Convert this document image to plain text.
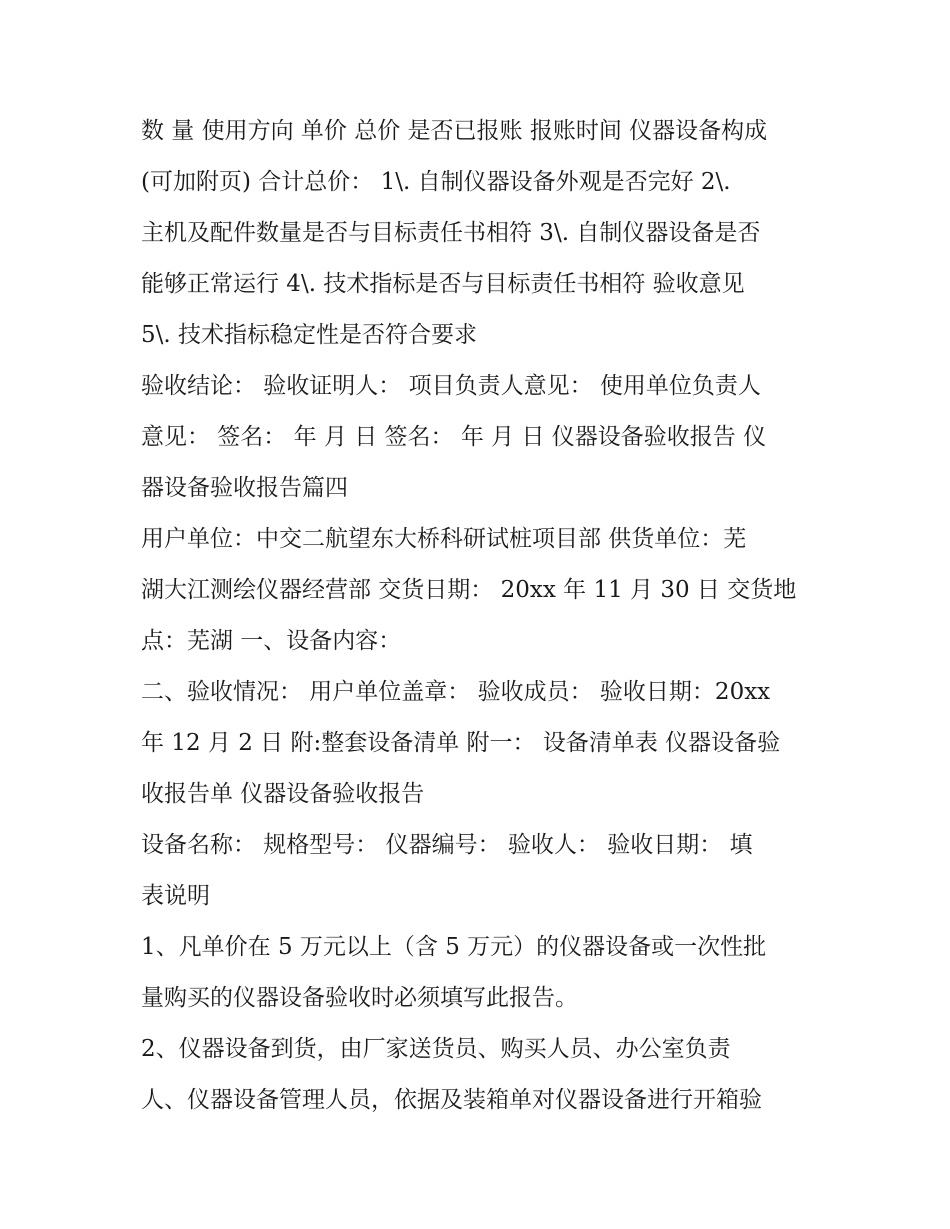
数 量 使用方向 单价 总价 是否已报账 报账时间 仪器设备构成
(可加附页) 合计总价： 1\. 自制仪器设备外观是否完好 2\.
主机及配件数量是否与目标责任书相符 3\. 自制仪器设备是否
能够正常运行 4\. 技术指标是否与目标责任书相符 验收意见
5\. 技术指标稳定性是否符合要求
验收结论： 验收证明人： 项目负责人意见： 使用单位负责人
意见： 签名： 年 月 日 签名： 年 月 日 仪器设备验收报告 仪
器设备验收报告篇四
用户单位：中交二航望东大桥科研试桩项目部 供货单位：芜
湖大江测绘仪器经营部 交货日期： 20xx 年 11 月 30 日 交货地
点：芜湖 一、设备内容：
二、验收情况： 用户单位盖章： 验收成员： 验收日期：20xx
年 12 月 2 日 附:整套设备清单 附一： 设备清单表 仪器设备验
收报告单 仪器设备验收报告
设备名称： 规格型号： 仪器编号： 验收人： 验收日期： 填
表说明
1、凡单价在 5 万元以上（含 5 万元）的仪器设备或一次性批
量购买的仪器设备验收时必须填写此报告。
2、仪器设备到货，由厂家送货员、购买人员、办公室负责
人、仪器设备管理人员，依据及装箱单对仪器设备进行开箱验
